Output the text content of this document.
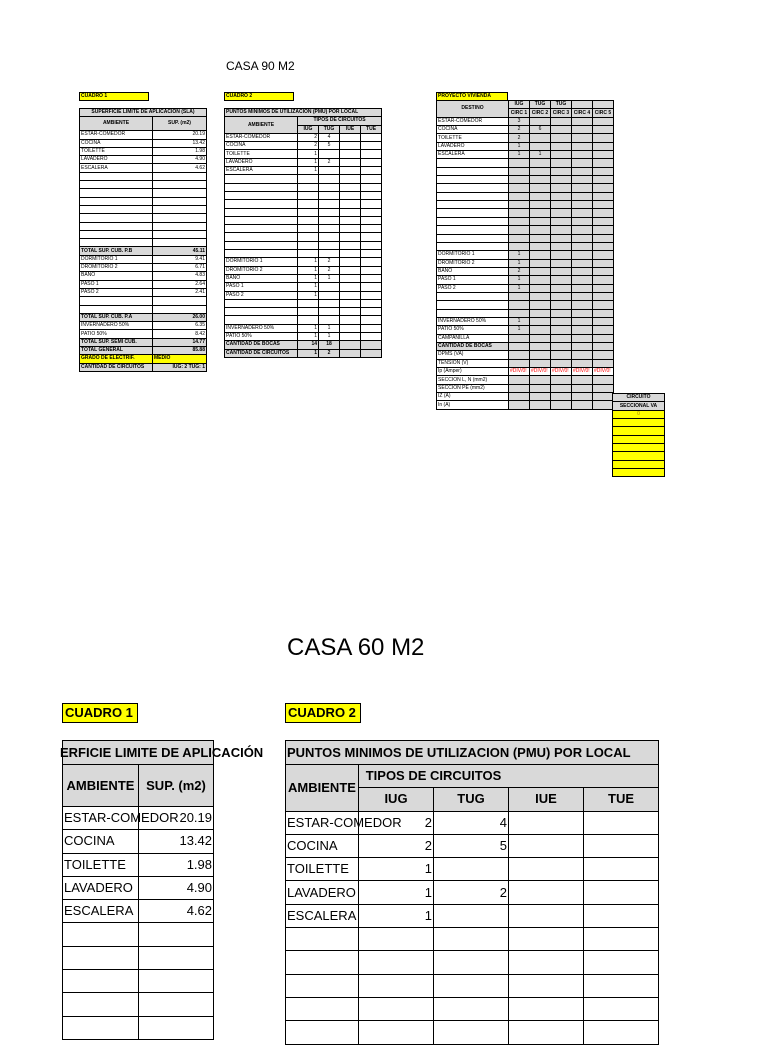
CASA 90 M2
CUADRO 1	CUADRO 2	PROYECTO VIVIENDA
SUPERFICIE LIMITE DE APLICACIÓN (SLA)	
AMBIENTE	SUP. (m2)
ESTAR-COMEDOR	20.19
COCINA	13.42
TOILETTE	1.98
LAVADERO	4.90
ESCALERA	4.62

TOTAL SUP. CUB. P.B	45.11
DORMITORIO 1	9.41
DROMITORIO 2	6.71
BAÑO	4.83
PASO 1	2.64
PASO 2	2.41

TOTAL SUP. CUB. P.A	26.00
INVERNADERO 50%	6.35
PATIO 50%	8.42
TOTAL SUP. SEMI CUB.	14.77
TOTAL GENERAL	85.88
GRADO DE ELECTRIF.	MEDIO
CANTIDAD DE CIRCUITOS	IUG: 2 TUG: 1
PUNTOS MINIMOS DE UTILIZACION (PMU) POR LOCAL				
AMBIENTE	TIPOS DE CIRCUITOS			
	IUG	TUG	IUE	TUE
ESTAR-COMEDOR	2	4		
COCINA	2	5		
TOILETTE	1			
LAVADERO	1	2		
ESCALERA	1			

DORMITORIO 1	1	2		
DROMITORIO 2	1	2		
BAÑO	1	1		
PASO 1	1			
PASO 2	1			

INVERNADERO 50%	1	1		
PATIO 50%	1	1		
CANTIDAD DE BOCAS	14	18		
CANTIDAD DE CIRCUITOS	1	2		
DESTINO	IUG	TUG	TUG		
	CIRC 1	CIRC 2	CIRC 3	CIRC 4	CIRC 5
ESTAR-COMEDOR	3				
COCINA	2	6			
TOILETTE	2				
LAVADERO	1				
ESCALERA	1	1			

DORMITORIO 1	1				
DROMITORIO 2	1				
BAÑO	2				
PASO 1	1				
PASO 2	1				

INVERNADERO 50%	1				
PATIO 50%	1				
CAMPANILLA					
CANTIDAD DE BOCAS					
DPMS (VA)					
TENSION (V)					
Ip (Amper)	#DIV/0!	#DIV/0!	#DIV/0!	#DIV/0!	#DIV/0!
SECCION L, N (mm2)					
SECCION PE (mm2)					
IZ (A)					
In (A)					
CIRCUITO
SECCIONAL VA
0

CASA 60 M2
CUADRO 1	CUADRO 2
ERFICIE LIMITE DE APLICACIÓN	
AMBIENTE	SUP. (m2)
ESTAR-COMEDOR	20.19
COCINA	13.42
TOILETTE	1.98
LAVADERO	4.90
ESCALERA	4.62

PUNTOS MINIMOS DE UTILIZACION (PMU) POR LOCAL				
AMBIENTE	TIPOS DE CIRCUITOS			
	IUG	TUG	IUE	TUE
ESTAR-COMEDOR	2	4		
COCINA	2	5		
TOILETTE	1			
LAVADERO	1	2		
ESCALERA	1			
